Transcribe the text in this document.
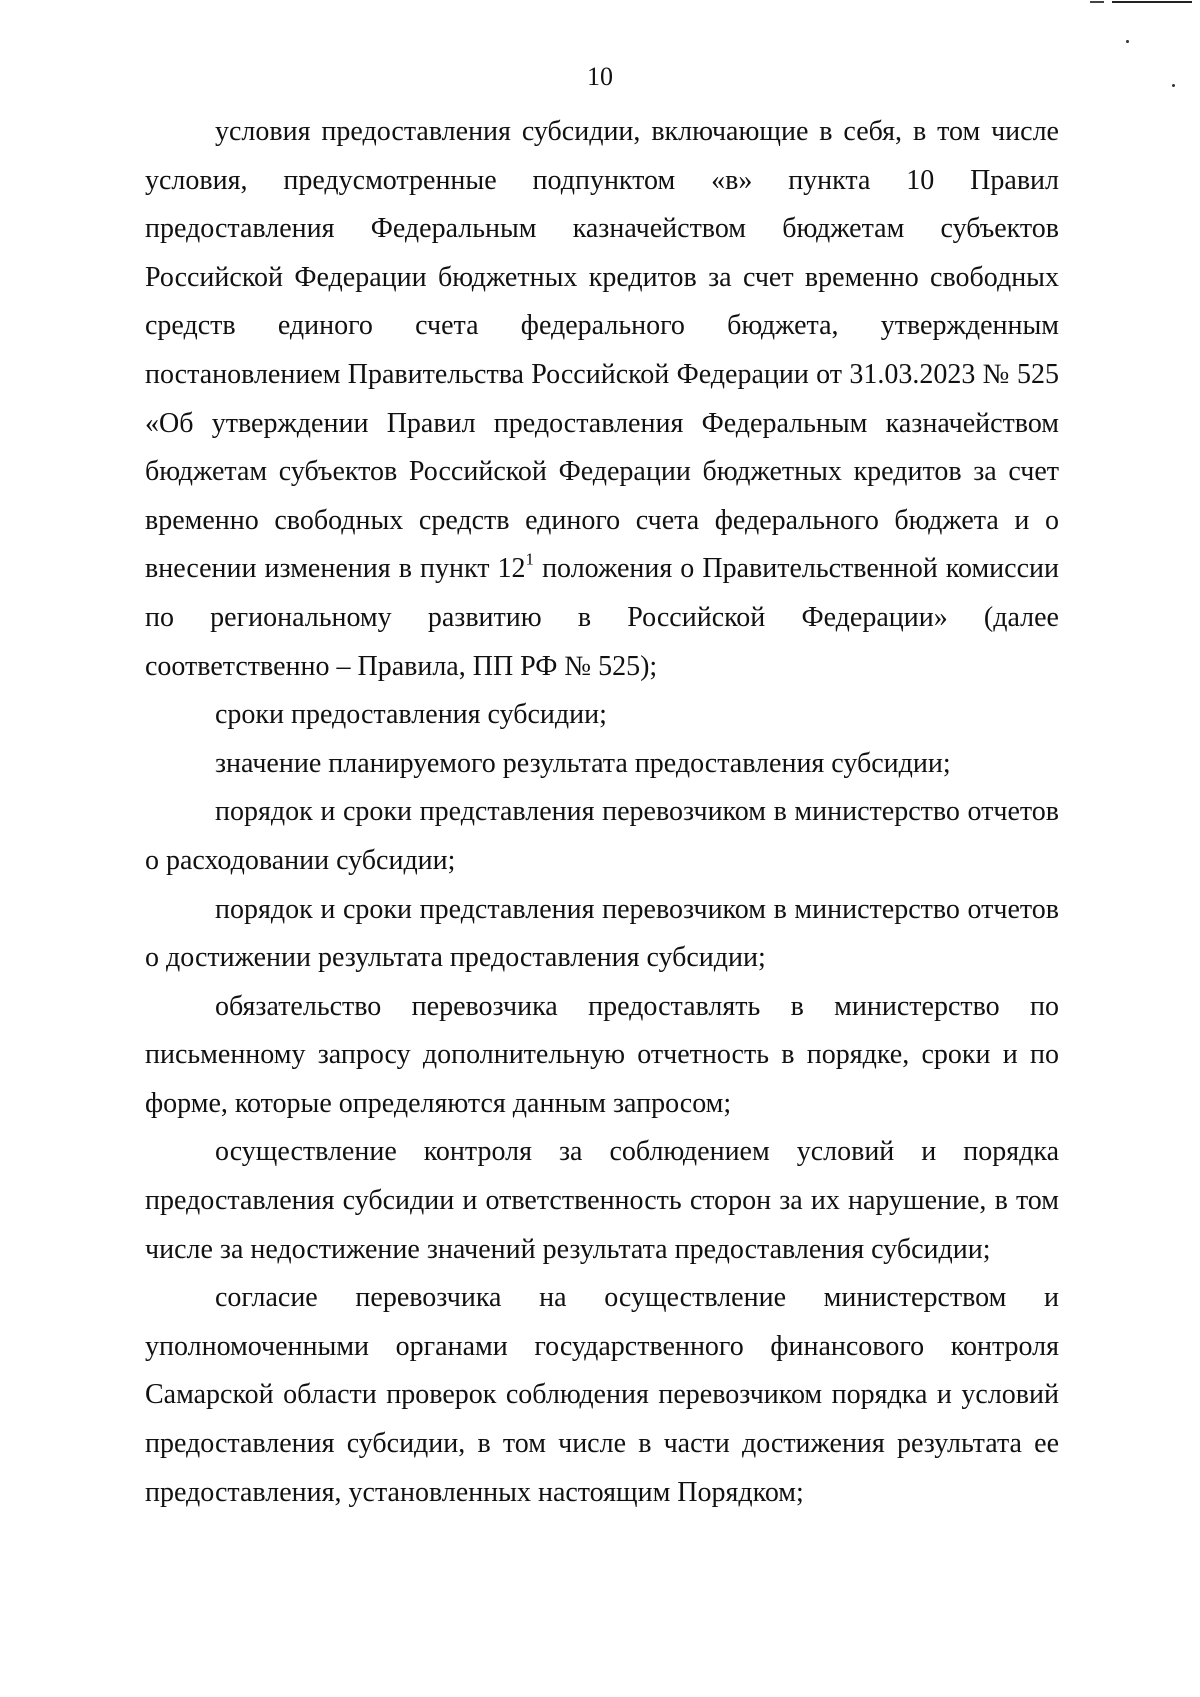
10

условия предоставления субсидии, включающие в себя, в том числе условия, предусмотренные подпунктом «в» пункта 10 Правил предоставления Федеральным казначейством бюджетам субъектов Российской Федерации бюджетных кредитов за счет временно свободных средств единого счета федерального бюджета, утвержденным постановлением Правительства Российской Федерации от 31.03.2023 № 525 «Об утверждении Правил предоставления Федеральным казначейством бюджетам субъектов Российской Федерации бюджетных кредитов за счет временно свободных средств единого счета федерального бюджета и о внесении изменения в пункт $12^1$ положения о Правительственной комиссии по региональному развитию в Российской Федерации» (далее соответственно – Правила, ПП РФ № 525);

сроки предоставления субсидии;

значение планируемого результата предоставления субсидии;

порядок и сроки представления перевозчиком в министерство отчетов о расходовании субсидии;

порядок и сроки представления перевозчиком в министерство отчетов о достижении результата предоставления субсидии;

обязательство перевозчика предоставлять в министерство по письменному запросу дополнительную отчетность в порядке, сроки и по форме, которые определяются данным запросом;

осуществление контроля за соблюдением условий и порядка предоставления субсидии и ответственность сторон за их нарушение, в том числе за недостижение значений результата предоставления субсидии;

согласие перевозчика на осуществление министерством и уполномоченными органами государственного финансового контроля Самарской области проверок соблюдения перевозчиком порядка и условий предоставления субсидии, в том числе в части достижения результата ее предоставления, установленных настоящим Порядком;
